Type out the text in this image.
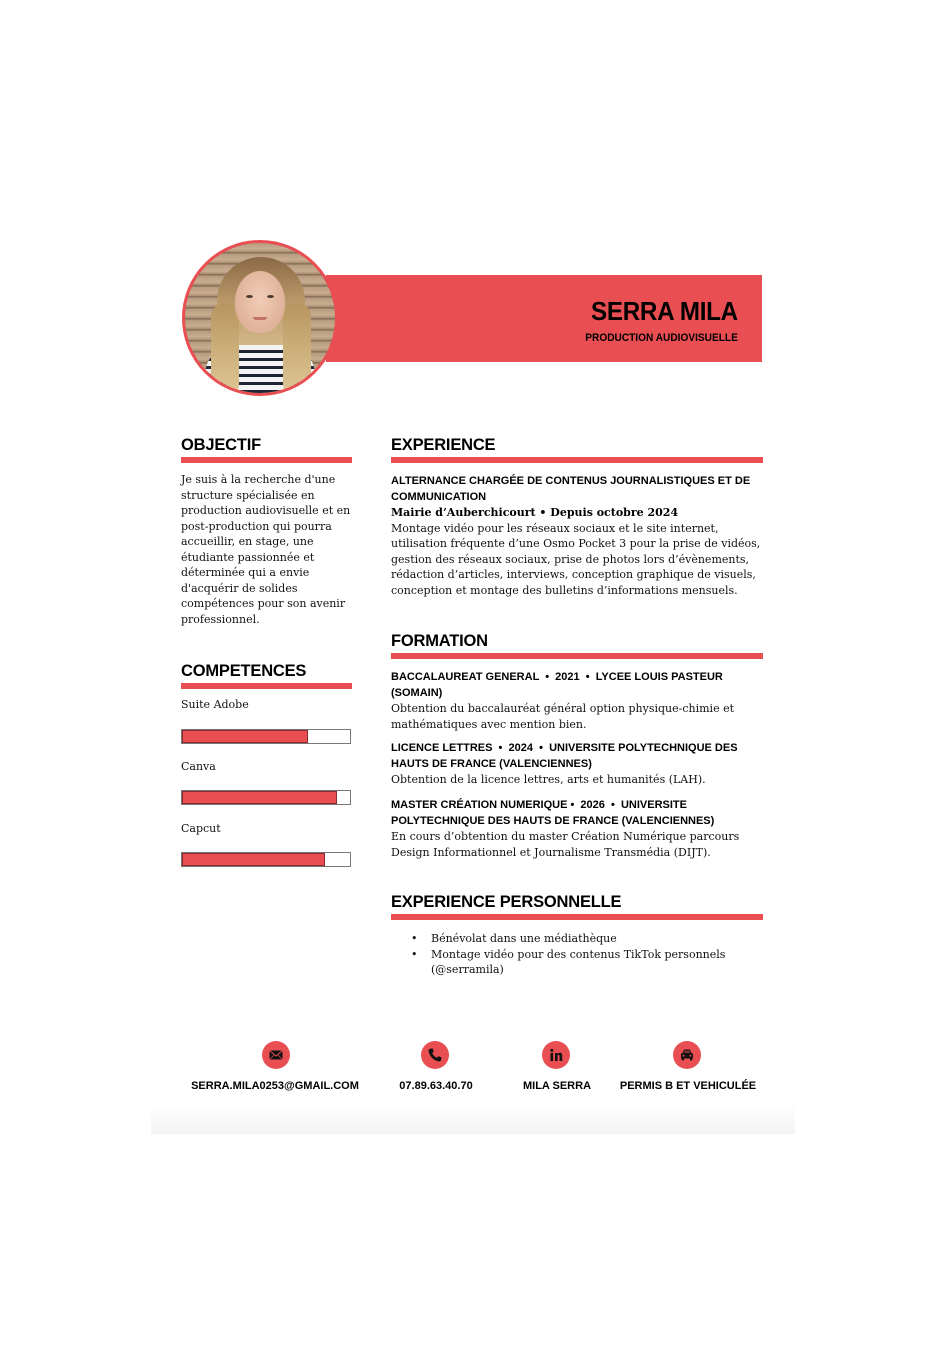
SERRA MILA
PRODUCTION AUDIOVISUELLE
OBJECTIF
Je suis à la recherche d'une structure spécialisée en production audiovisuelle et en post-production qui pourra accueillir, en stage, une étudiante passionnée et déterminée qui a envie d'acquérir de solides compétences pour son avenir professionnel.
COMPETENCES
Suite Adobe
Canva
Capcut
EXPERIENCE
ALTERNANCE CHARGÉE DE CONTENUS JOURNALISTIQUES ET DE COMMUNICATION
Mairie d’Auberchicourt • Depuis octobre 2024
Montage vidéo pour les réseaux sociaux et le site internet, utilisation fréquente d’une Osmo Pocket 3 pour la prise de vidéos, gestion des réseaux sociaux, prise de photos lors d’évènements, rédaction d’articles, interviews, conception graphique de visuels, conception et montage des bulletins d’informations mensuels.
FORMATION
BACCALAUREAT GENERAL  •  2021  •  LYCEE LOUIS PASTEUR (SOMAIN)
Obtention du baccalauréat général option physique-chimie et mathématiques avec mention bien.
LICENCE LETTRES  •  2024  •  UNIVERSITE POLYTECHNIQUE DES HAUTS DE FRANCE (VALENCIENNES)
Obtention de la licence lettres, arts et humanités (LAH).
MASTER CRÉATION NUMERIQUE •  2026  •  UNIVERSITE POLYTECHNIQUE DES HAUTS DE FRANCE (VALENCIENNES)
En cours d’obtention du master Création Numérique parcours Design Informationnel et Journalisme Transmédia (DIJT).
EXPERIENCE PERSONNELLE
• Bénévolat dans une médiathèque
• Montage vidéo pour des contenus TikTok personnels (@serramila)
SERRA.MILA0253@GMAIL.COM	07.89.63.40.70	MILA SERRA	PERMIS B ET VEHICULÉE
